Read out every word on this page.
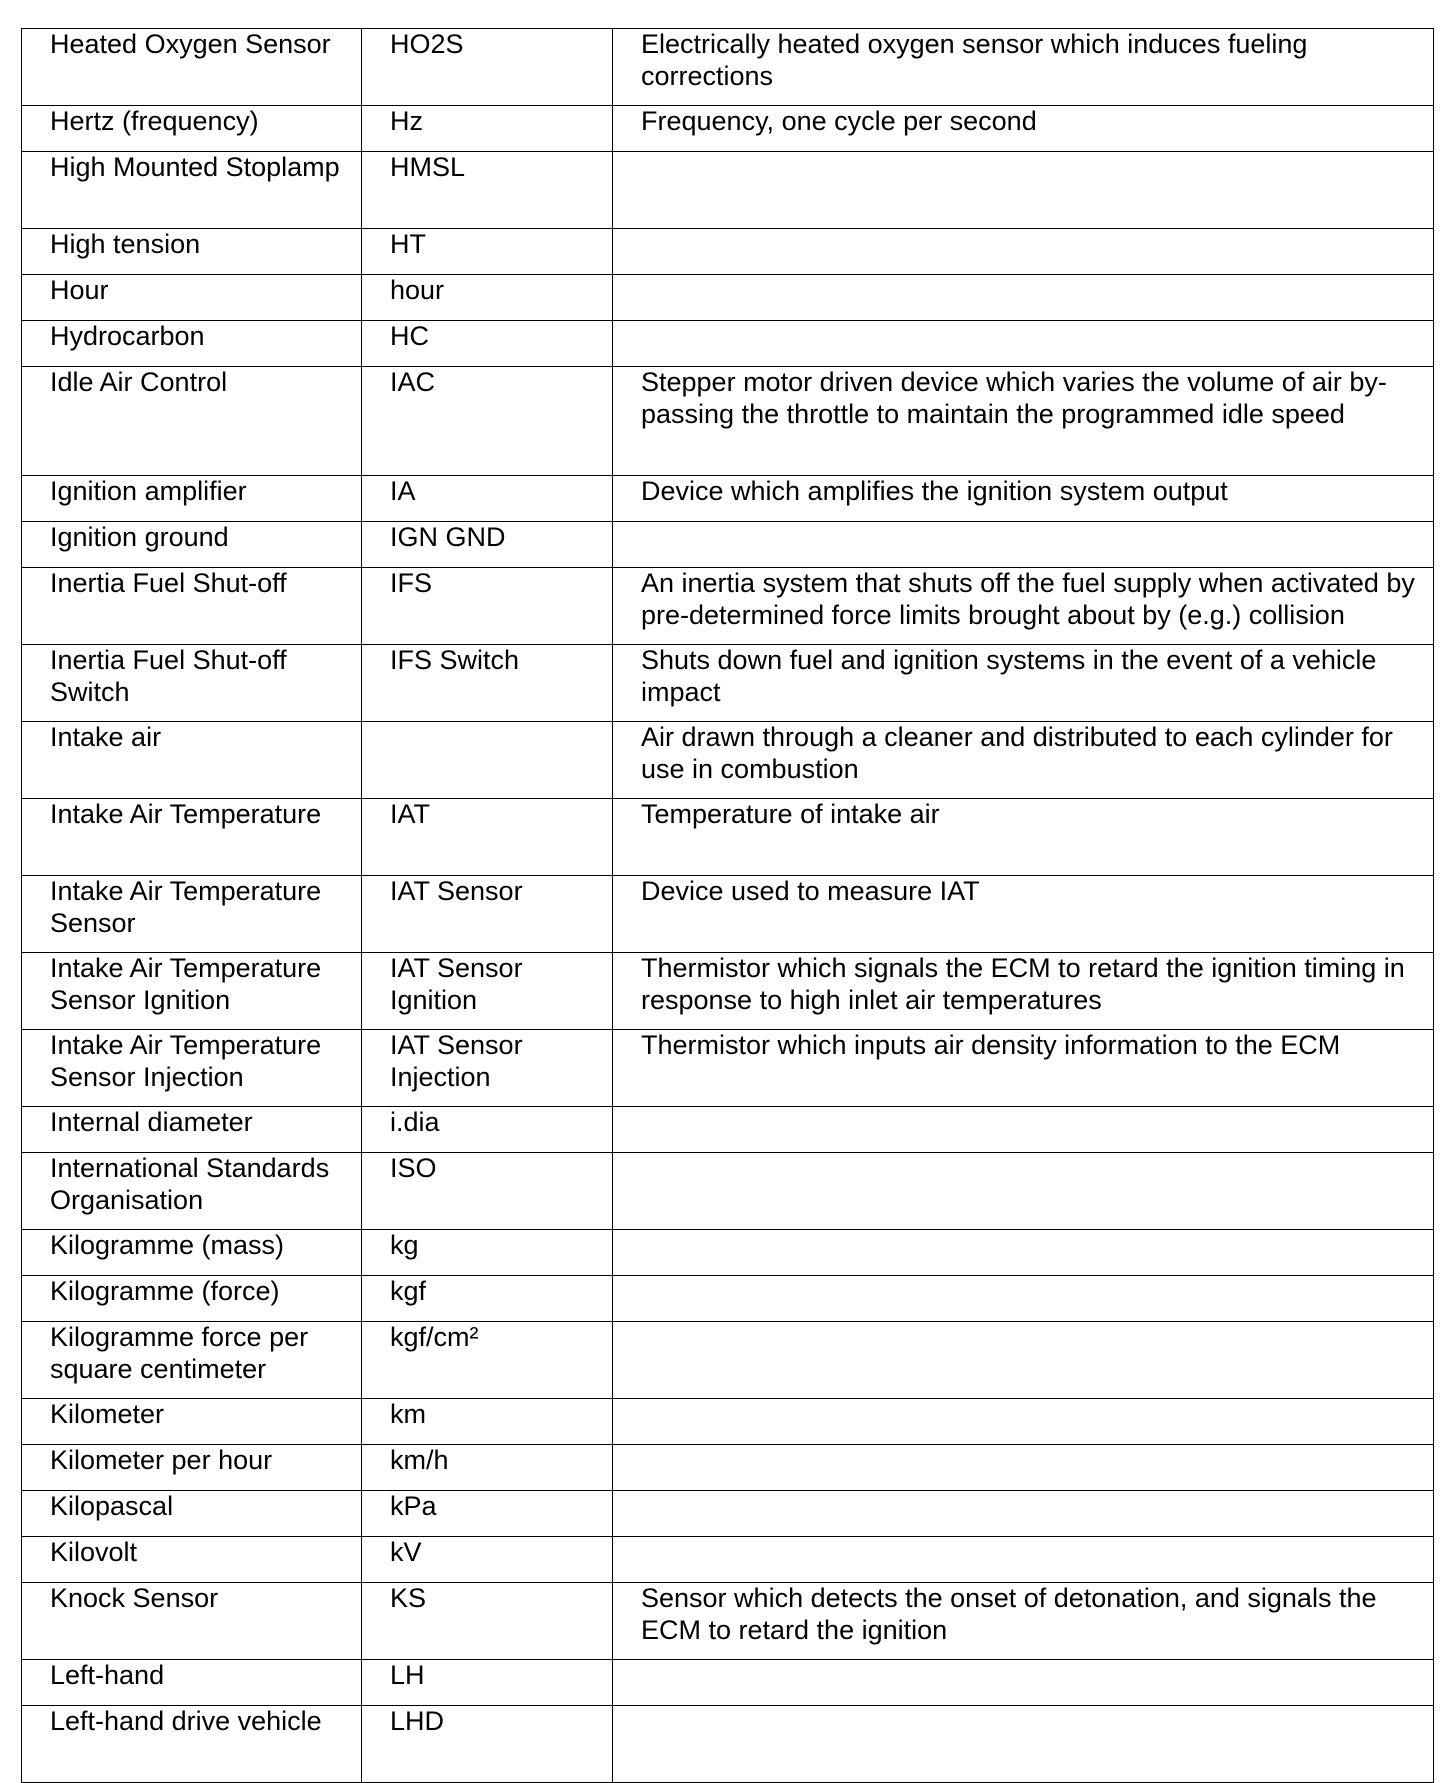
Heated Oxygen Sensor	HO2S	Electrically heated oxygen sensor which induces fueling corrections
Hertz (frequency)	Hz	Frequency, one cycle per second
High Mounted Stoplamp	HMSL	
High tension	HT	
Hour	hour	
Hydrocarbon	HC	
Idle Air Control	IAC	Stepper motor driven device which varies the volume of air by-passing the throttle to maintain the programmed idle speed
Ignition amplifier	IA	Device which amplifies the ignition system output
Ignition ground	IGN GND	
Inertia Fuel Shut-off	IFS	An inertia system that shuts off the fuel supply when activated by pre-determined force limits brought about by (e.g.) collision
Inertia Fuel Shut-off Switch	IFS Switch	Shuts down fuel and ignition systems in the event of a vehicle impact
Intake air		Air drawn through a cleaner and distributed to each cylinder for use in combustion
Intake Air Temperature	IAT	Temperature of intake air
Intake Air Temperature Sensor	IAT Sensor	Device used to measure IAT
Intake Air Temperature Sensor Ignition	IAT Sensor Ignition	Thermistor which signals the ECM to retard the ignition timing in response to high inlet air temperatures
Intake Air Temperature Sensor Injection	IAT Sensor Injection	Thermistor which inputs air density information to the ECM
Internal diameter	i.dia	
International Standards Organisation	ISO	
Kilogramme (mass)	kg	
Kilogramme (force)	kgf	
Kilogramme force per square centimeter	kgf/cm²	
Kilometer	km	
Kilometer per hour	km/h	
Kilopascal	kPa	
Kilovolt	kV	
Knock Sensor	KS	Sensor which detects the onset of detonation, and signals the ECM to retard the ignition
Left-hand	LH	
Left-hand drive vehicle	LHD	
